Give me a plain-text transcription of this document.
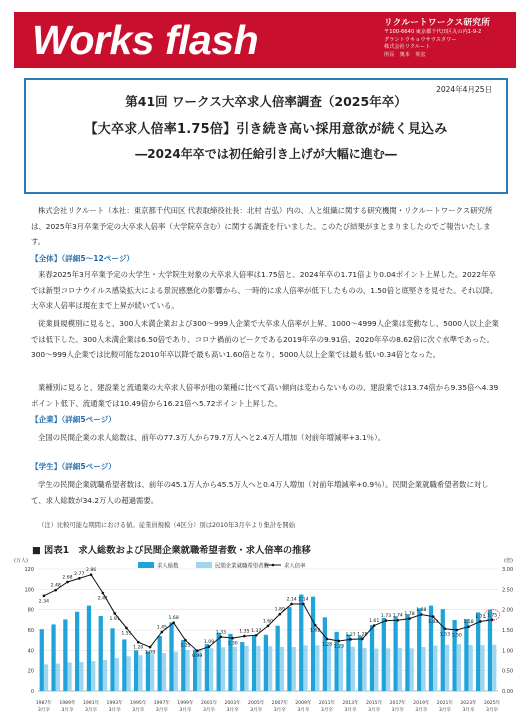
Works flash	リクルートワークス研究所
〒100-6640 東京都千代田区丸の内1-9-2
グラントウキョウサウスタワー
株式会社リクルート
所長　奥本　英宏
2024年4月25日
第41回 ワークス大卒求人倍率調査（2025年卒）
【大卒求人倍率1.75倍】引き続き高い採用意欲が続く見込み
―2024年卒では初任給引き上げが大幅に進む―

株式会社リクルート（本社：東京都千代田区 代表取締役社長：北村 吉弘）内の、人と組織に関する研究機関・リクルートワークス研究所は、2025年3月卒業予定の大卒求人倍率（大学院卒含む）に関する調査を行いました。このたび結果がまとまりましたのでご報告いたします。

【全体】（詳細5～12ページ）

来春2025年3月卒業予定の大学生・大学院生対象の大卒求人倍率は1.75倍と、2024年卒の1.71倍より0.04ポイント上昇した。2022年卒では新型コロナウイルス感染拡大による景況感悪化の影響から、一時的に求人倍率が低下したものの、1.50倍と底堅さを見せた。それ以降、大卒求人倍率は現在まで上昇が続いている。

従業員規模別に見ると、300人未満企業および300～999人企業で大卒求人倍率が上昇、1000～4999人企業は変動なし、5000人以上企業では低下した。300人未満企業は6.50倍であり、コロナ禍前のピークである2019年卒の9.91倍、2020年卒の8.62倍に次ぐ水準であった。300～999人企業では比較可能な2010年卒以降で最も高い1.60倍となり、5000人以上企業では最も低い0.34倍となった。

業種別に見ると、建設業と流通業の大卒求人倍率が他の業種に比べて高い傾向は変わらないものの、建設業では13.74倍から9.35倍へ4.39ポイント低下、流通業では10.49倍から16.21倍へ5.72ポイント上昇した。

【企業】（詳細5ページ）

全国の民間企業の求人総数は、前年の77.3万人から79.7万人へと2.4万人増加（対前年増減率+3.1％）。

【学生】（詳細5ページ）

学生の民間企業就職希望者数は、前年の45.1万人から45.5万人へと0.4万人増加（対前年増減率+0.9％）。民間企業就職希望者数に対して、求人総数が34.2万人の超過需要。

（注）比較可能な期間における値。従業員規模（4区分）別は2010年3月卒より集計を開始
■ 図表1　求人総数および民間企業就職希望者数・求人倍率の推移
(万人)	(倍)
0
20
40
60
80
100
120
0.00
0.50
1.00
1.50
2.00
2.50
3.00
2.34
2.48
2.68
2.77
2.86
2.41
1.91
1.55
1.20
1.08
1.45
1.68
1.25
0.99
1.09
1.33
1.30
1.35 1.37
1.60
1.89
2.14 2.14
1.62
1.28 1.23
1.27 1.28
1.61
1.73 1.74 1.78
1.88
1.83
1.53 1.50
1.58
1.71 1.75
求人総数	民間企業就職希望者数	求人倍率
1987年
3月卒
1989年
3月卒
1991年
3月卒
1993年
3月卒
1995年
3月卒
1997年
3月卒
1999年
3月卒
2001年
3月卒
2003年
3月卒
2005年
3月卒
2007年
3月卒
2009年
3月卒
2011年
3月卒
2013年
3月卒
2015年
3月卒
2017年
3月卒
2019年
3月卒
2021年
3月卒
2023年
3月卒
2025年
3月卒
